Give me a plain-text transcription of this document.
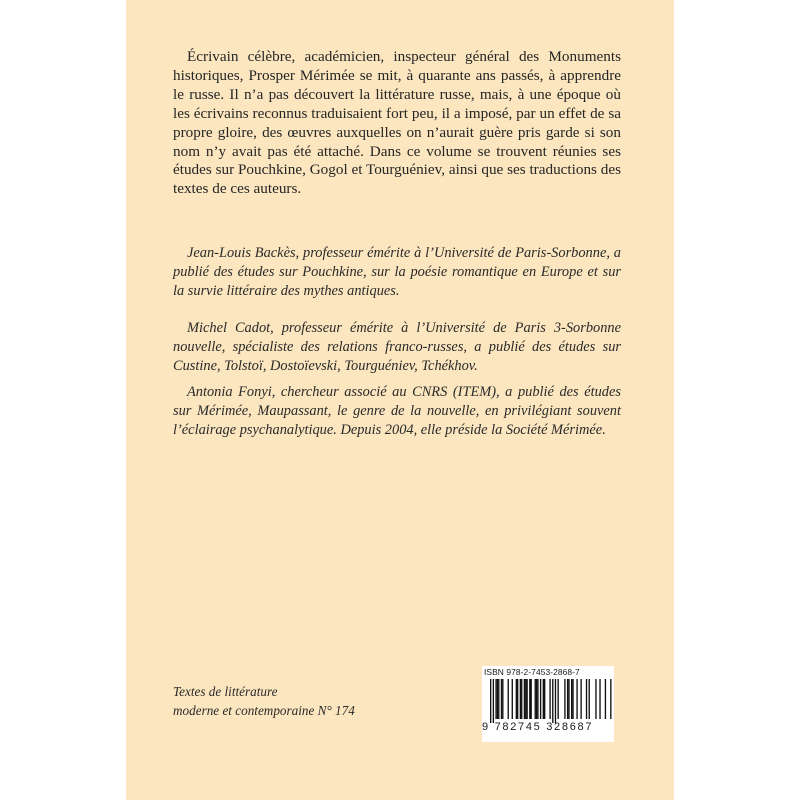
Écrivain célèbre, académicien, inspecteur général des Monuments historiques, Prosper Mérimée se mit, à quarante ans passés, à apprendre le russe. Il n’a pas découvert la littérature russe, mais, à une époque où les écrivains reconnus traduisaient fort peu, il a imposé, par un effet de sa propre gloire, des œuvres auxquelles on n’aurait guère pris garde si son nom n’y avait pas été attaché. Dans ce volume se trouvent réunies ses études sur Pouchkine, Gogol et Tourguéniev, ainsi que ses traductions des textes de ces auteurs.

Jean-Louis Backès, professeur émérite à l’Université de Paris-Sorbonne, a publié des études sur Pouchkine, sur la poésie romantique en Europe et sur la survie littéraire des mythes antiques.

Michel Cadot, professeur émérite à l’Université de Paris 3-Sorbonne nouvelle, spécialiste des relations franco-russes, a publié des études sur Custine, Tolstoï, Dostoïevski, Tourguéniev, Tchékhov.

Antonia Fonyi, chercheur associé au CNRS (ITEM), a publié des études sur Mérimée, Maupassant, le genre de la nouvelle, en privilégiant souvent l’éclairage psychanalytique. Depuis 2004, elle préside la Société Mérimée.

Textes de littérature
moderne et contemporaine N° 174
ISBN 978-2-7453-2868-7
9 782745 328687
